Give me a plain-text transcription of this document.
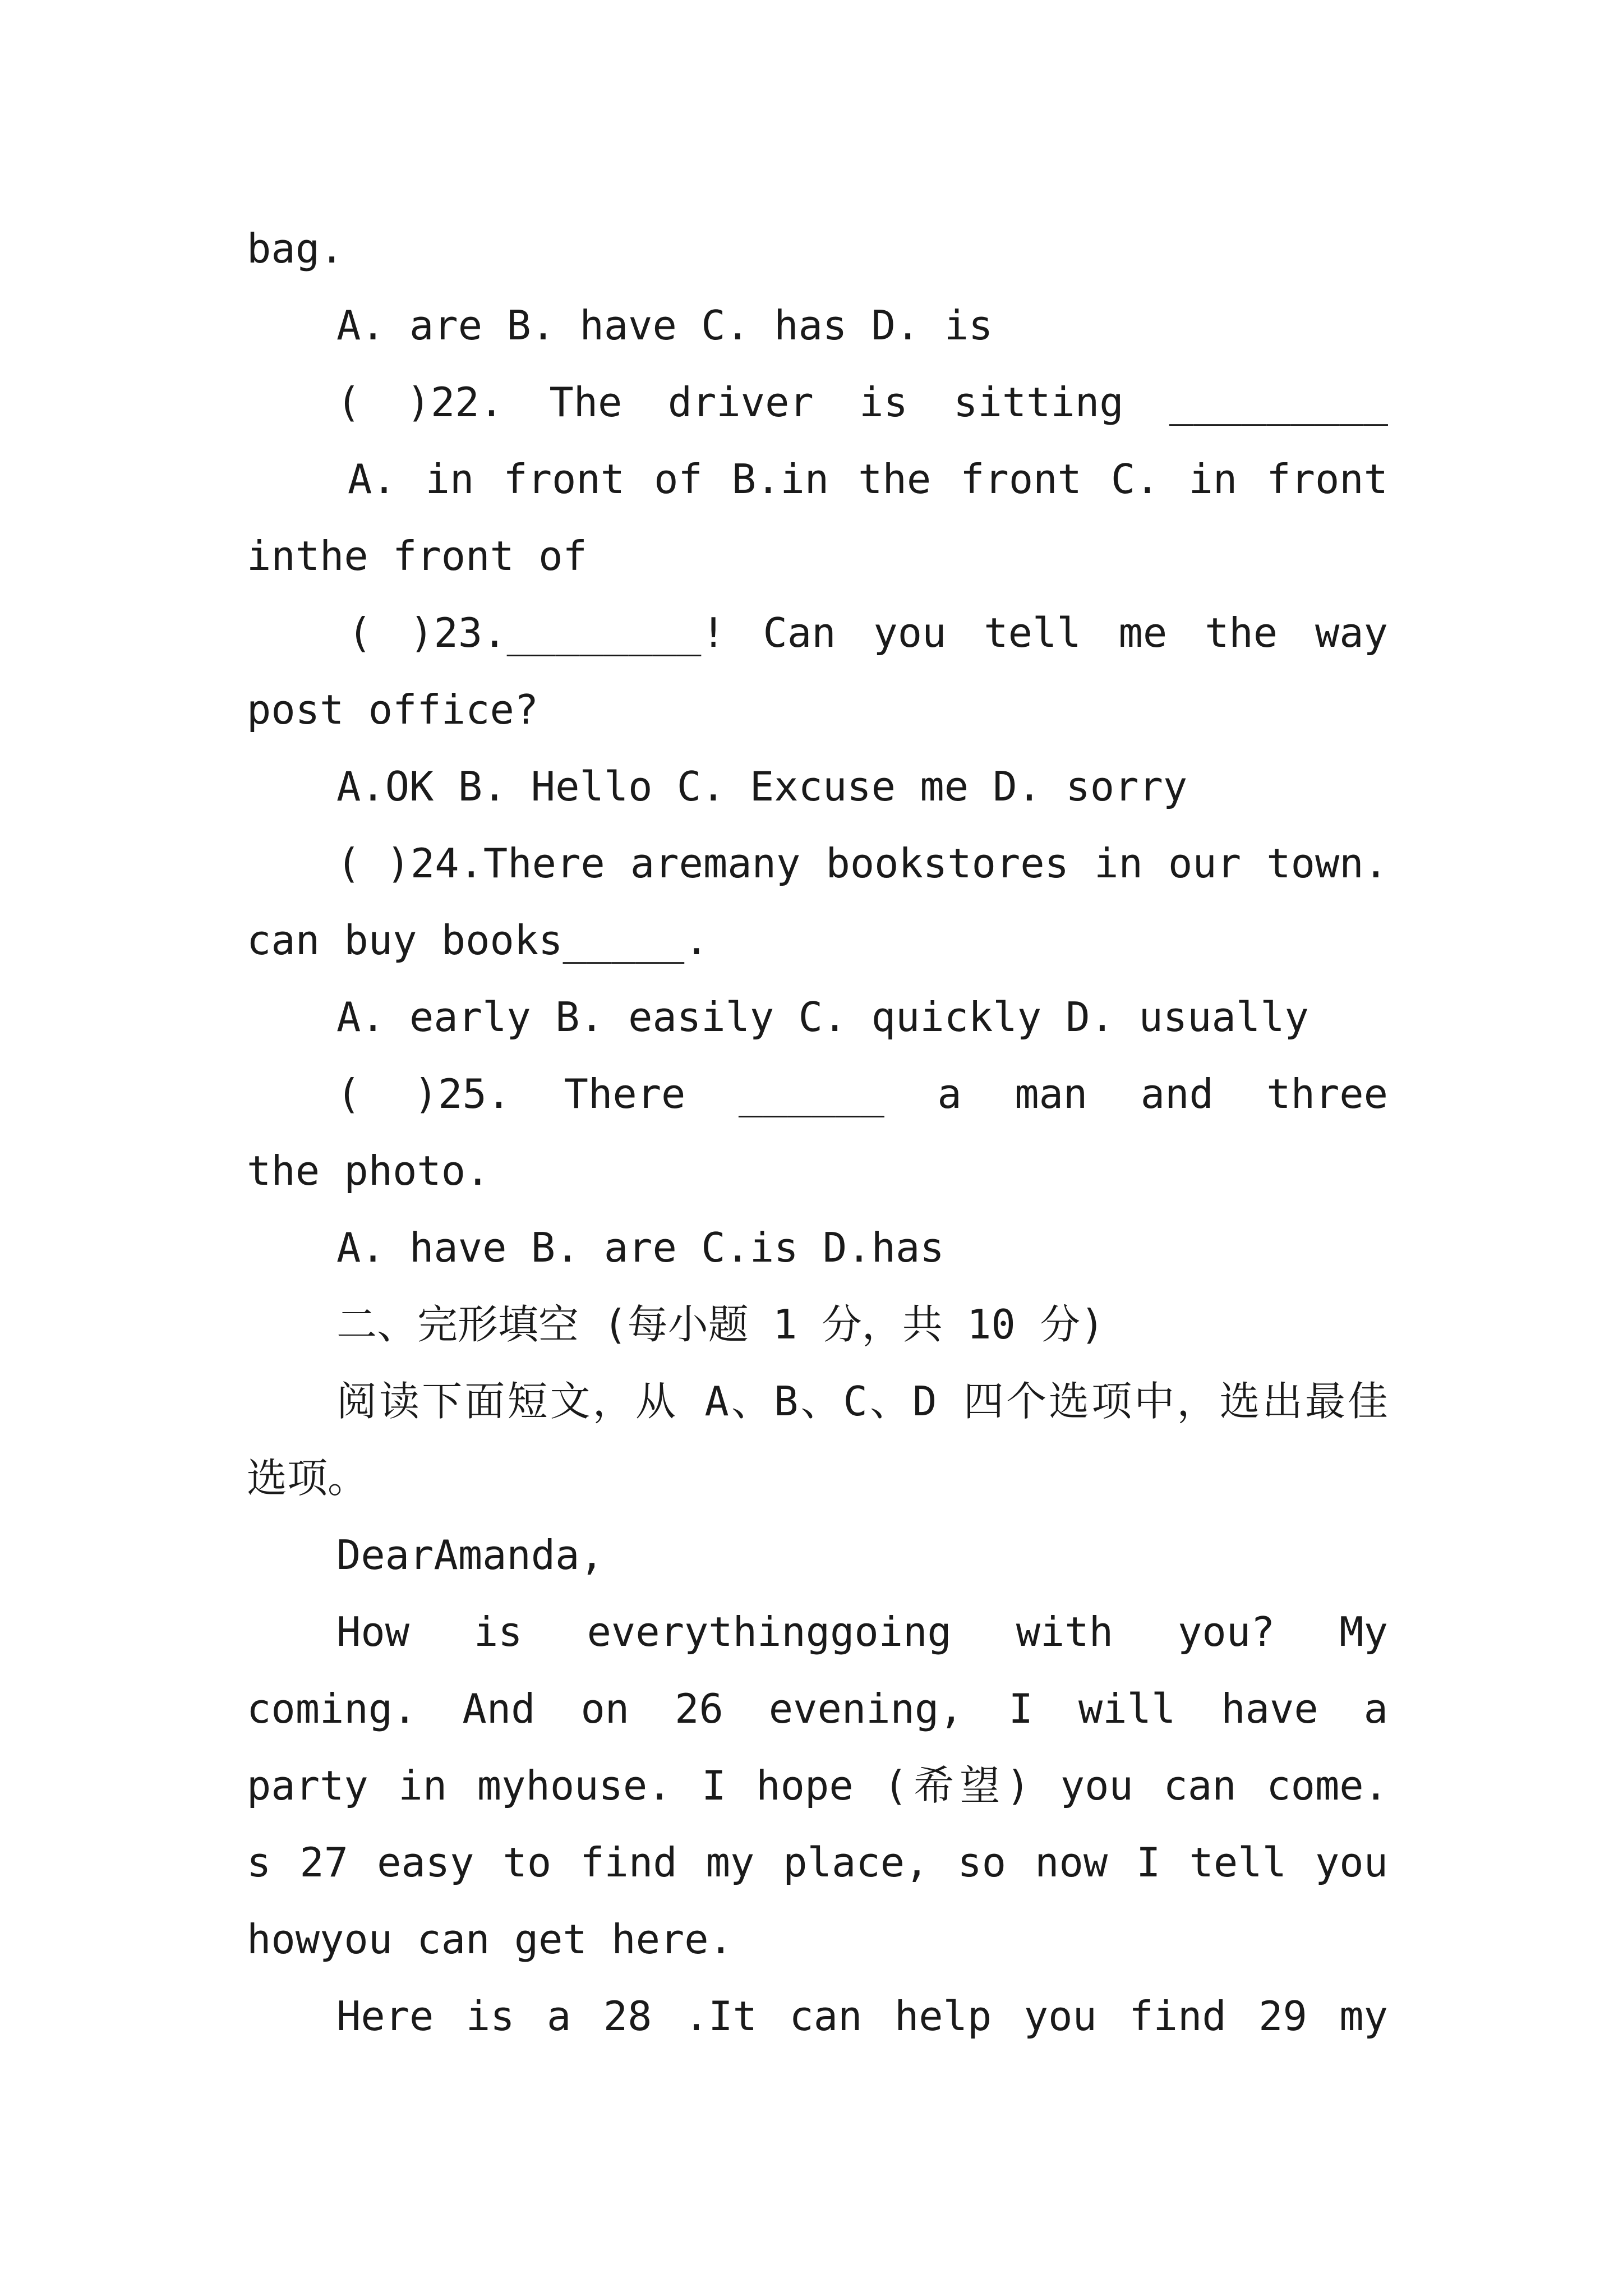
bag.
A. are B. have C. has D. is
( )22. The driver is sitting _________
A. in front of B.in the front C. in front
inthe front of
( )23.________! Can you tell me the way
post office?
A.OK B. Hello C. Excuse me D. sorry
( )24.There aremany bookstores in our town.
can buy books_____.
A. early B. easily C. quickly D. usually
( )25. There ______ a man and three
the photo.
A. have B. are C.is D.has
二、完形填空 (每小题 1 分，共 10 分)
阅读下面短文，从 A、B、C、D 四个选项中，选出最佳
选项。
DearAmanda,
How is everythinggoing with you? My
coming. And on 26 evening, I will have a
party in myhouse. I hope (希望) you can come.
s 27 easy to find my place, so now I tell you
howyou can get here.
Here is a 28 .It can help you find 29 my
